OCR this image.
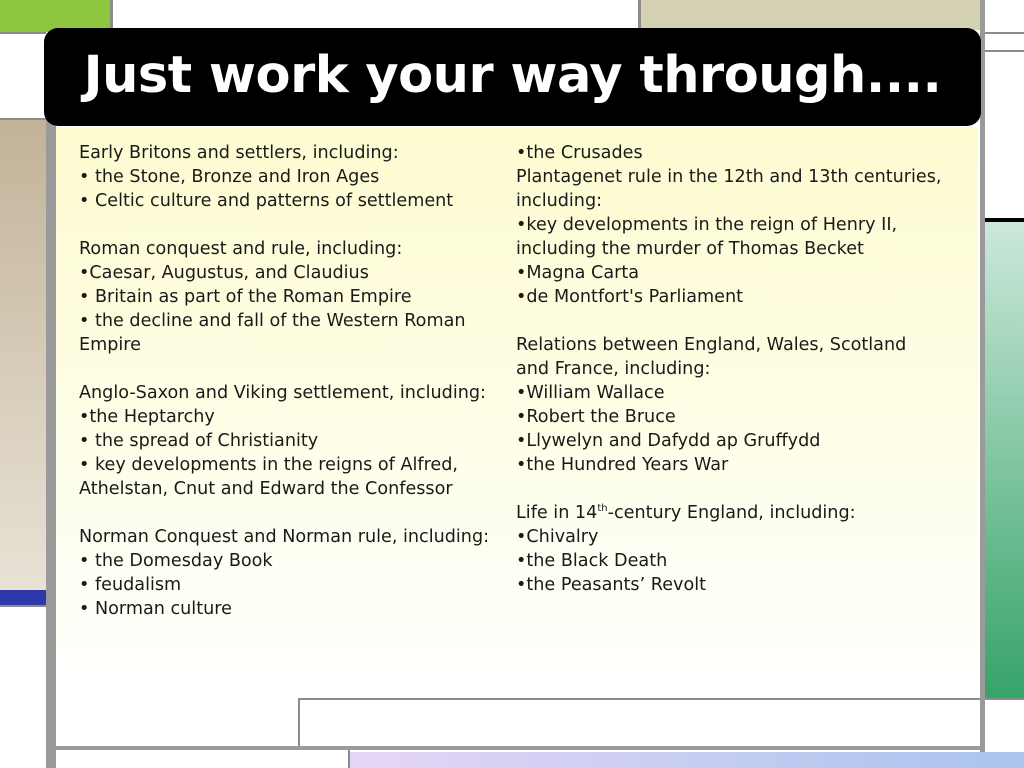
Just work your way through....
Early Britons and settlers, including:
• the Stone, Bronze and Iron Ages
• Celtic culture and patterns of settlement
Roman conquest and rule, including:
•Caesar, Augustus, and Claudius
• Britain as part of the Roman Empire
• the decline and fall of the Western Roman
Empire
Anglo-Saxon and Viking settlement, including:
•the Heptarchy
• the spread of Christianity
• key developments in the reigns of Alfred,
Athelstan, Cnut and Edward the Confessor
Norman Conquest and Norman rule, including:
• the Domesday Book
• feudalism
• Norman culture
•the Crusades
Plantagenet rule in the 12th and 13th centuries,
including:
•key developments in the reign of Henry II,
including the murder of Thomas Becket
•Magna Carta
•de Montfort's Parliament
Relations between England, Wales, Scotland
and France, including:
•William Wallace
•Robert the Bruce
•Llywelyn and Dafydd ap Gruffydd
•the Hundred Years War
Life in 14th-century England, including:
•Chivalry
•the Black Death
•the Peasants’ Revolt
